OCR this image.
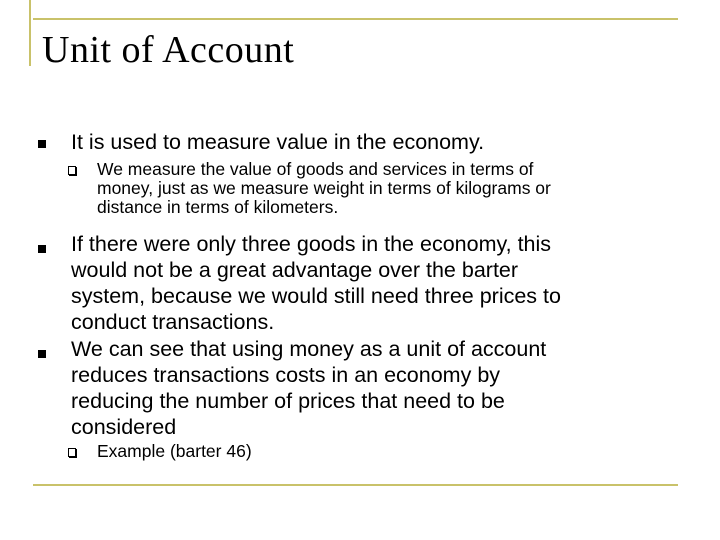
Unit of Account
It is used to measure value in the economy.
We measure the value of goods and services in terms of
money, just as we measure weight in terms of kilograms or
distance in terms of kilometers.
If there were only three goods in the economy, this
would not be a great advantage over the barter
system, because we would still need three prices to
conduct transactions.
We can see that using money as a unit of account
reduces transactions costs in an economy by
reducing the number of prices that need to be
considered
Example (barter 46)
